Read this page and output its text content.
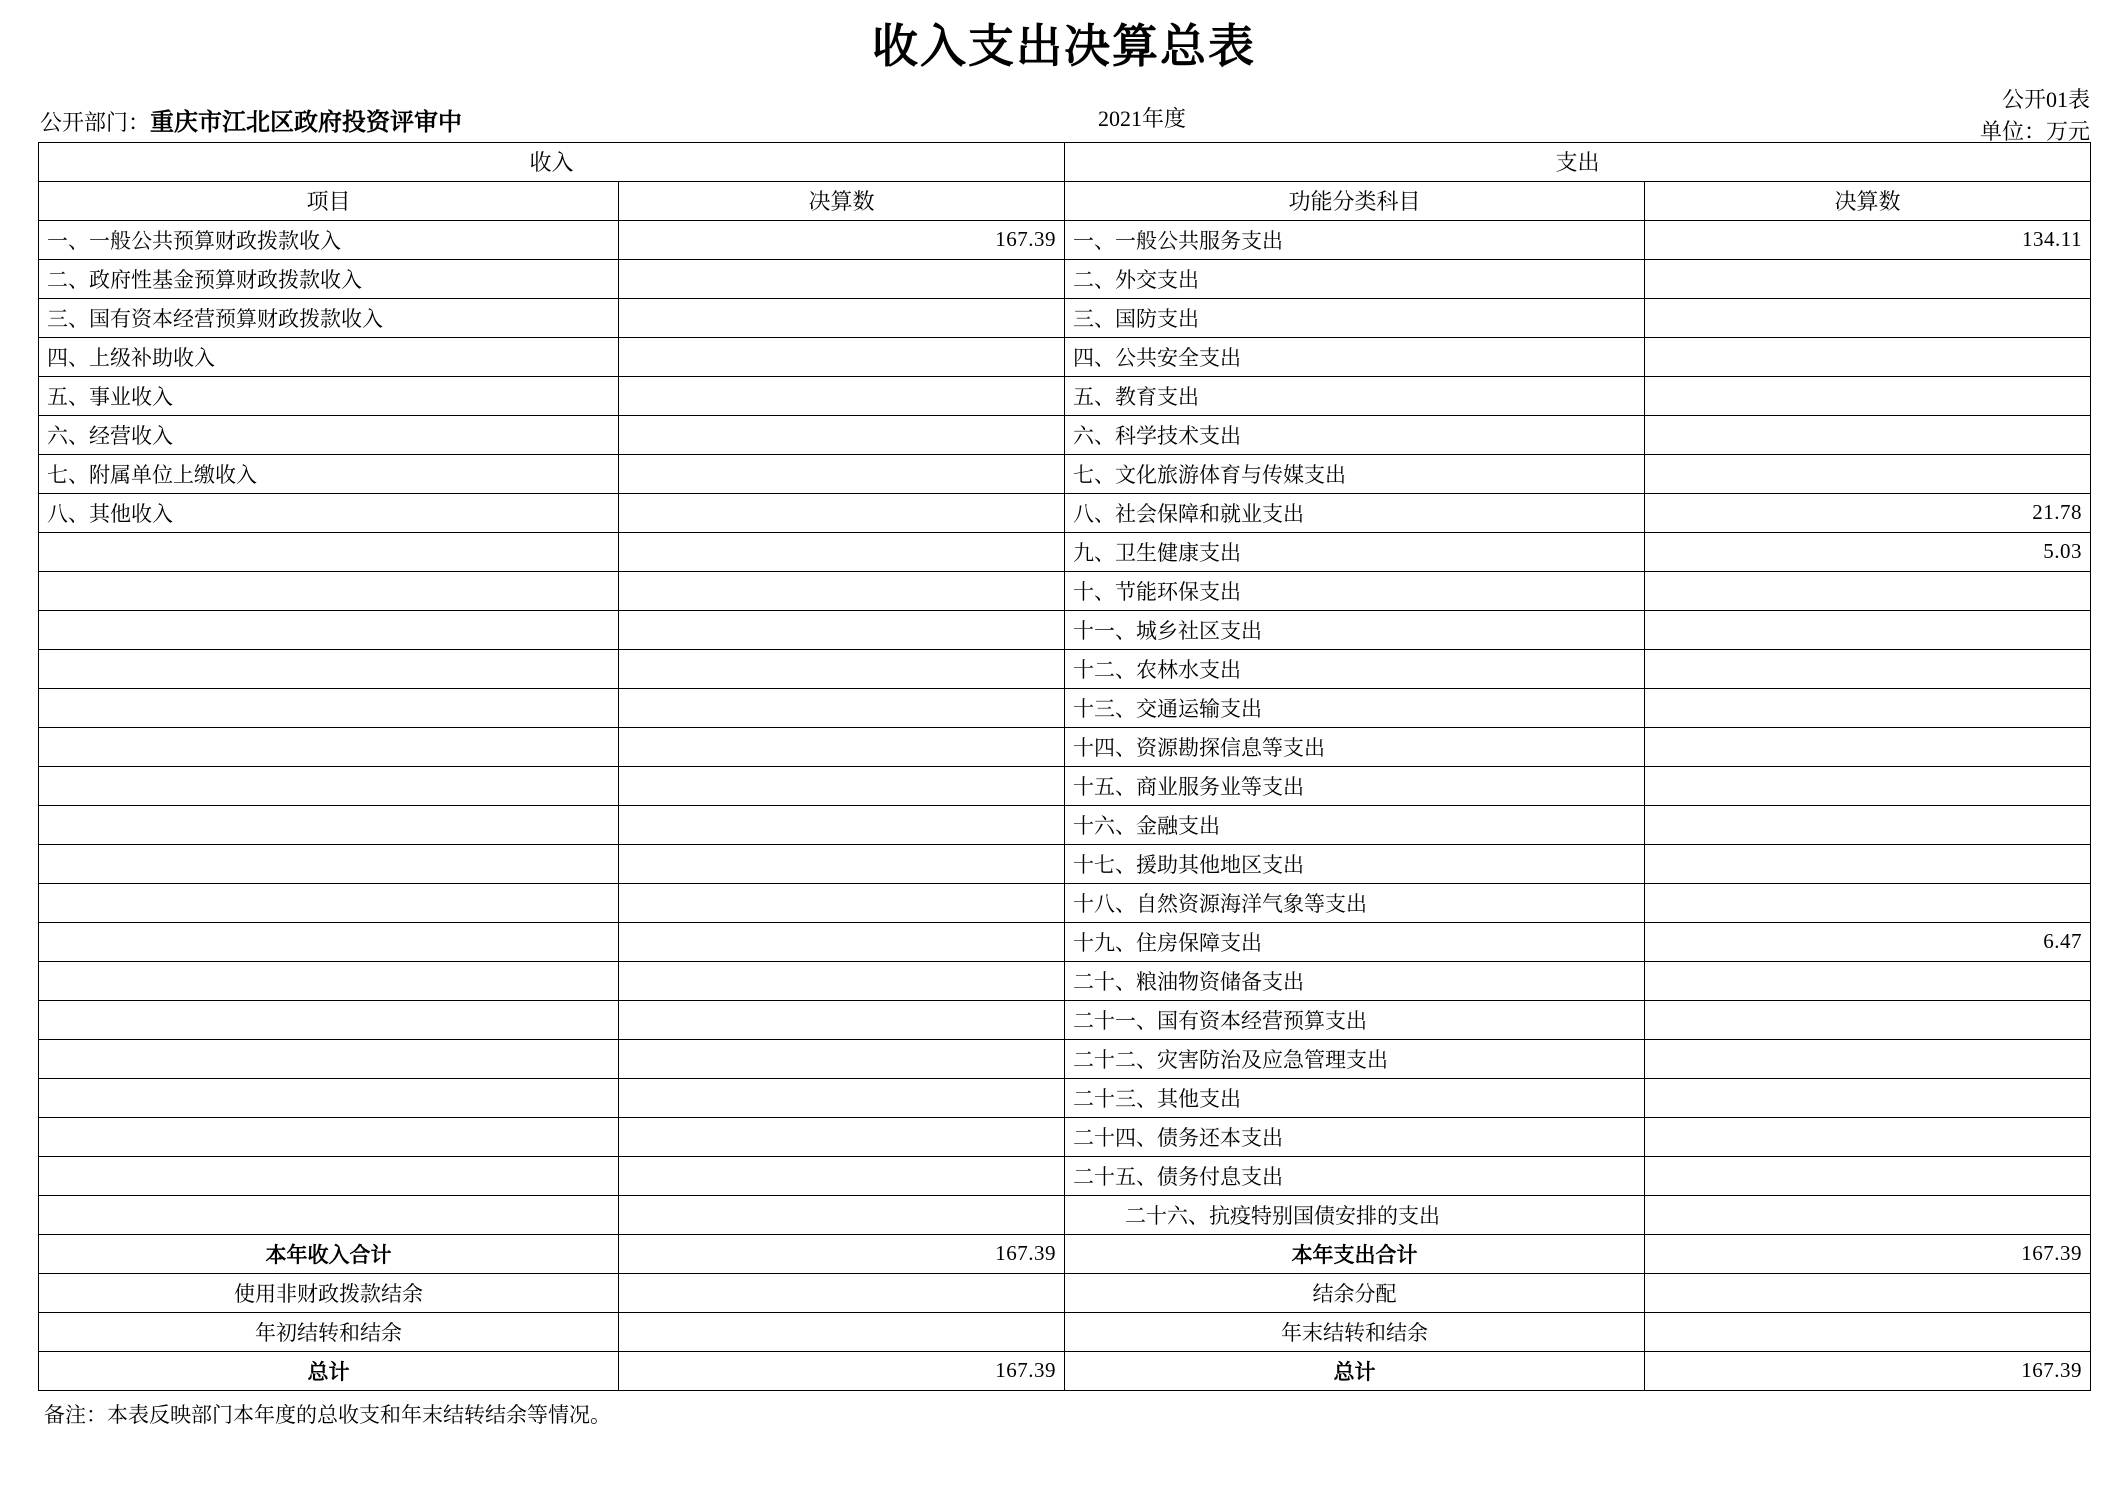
收入支出决算总表
公开01表
单位：万元
公开部门：重庆市江北区政府投资评审中	2021年度
收入		支出	
项目	决算数	功能分类科目	决算数
一、一般公共预算财政拨款收入	167.39	一、一般公共服务支出	134.11
二、政府性基金预算财政拨款收入		二、外交支出	
三、国有资本经营预算财政拨款收入		三、国防支出	
四、上级补助收入		四、公共安全支出	
五、事业收入		五、教育支出	
六、经营收入		六、科学技术支出	
七、附属单位上缴收入		七、文化旅游体育与传媒支出	
八、其他收入		八、社会保障和就业支出	21.78
		九、卫生健康支出	5.03
		十、节能环保支出	
		十一、城乡社区支出	
		十二、农林水支出	
		十三、交通运输支出	
		十四、资源勘探信息等支出	
		十五、商业服务业等支出	
		十六、金融支出	
		十七、援助其他地区支出	
		十八、自然资源海洋气象等支出	
		十九、住房保障支出	6.47
		二十、粮油物资储备支出	
		二十一、国有资本经营预算支出	
		二十二、灾害防治及应急管理支出	
		二十三、其他支出	
		二十四、债务还本支出	
		二十五、债务付息支出	
		二十六、抗疫特别国债安排的支出	
本年收入合计	167.39	本年支出合计	167.39
使用非财政拨款结余		结余分配	
年初结转和结余		年末结转和结余	
总计	167.39	总计	167.39
备注：本表反映部门本年度的总收支和年末结转结余等情况。
